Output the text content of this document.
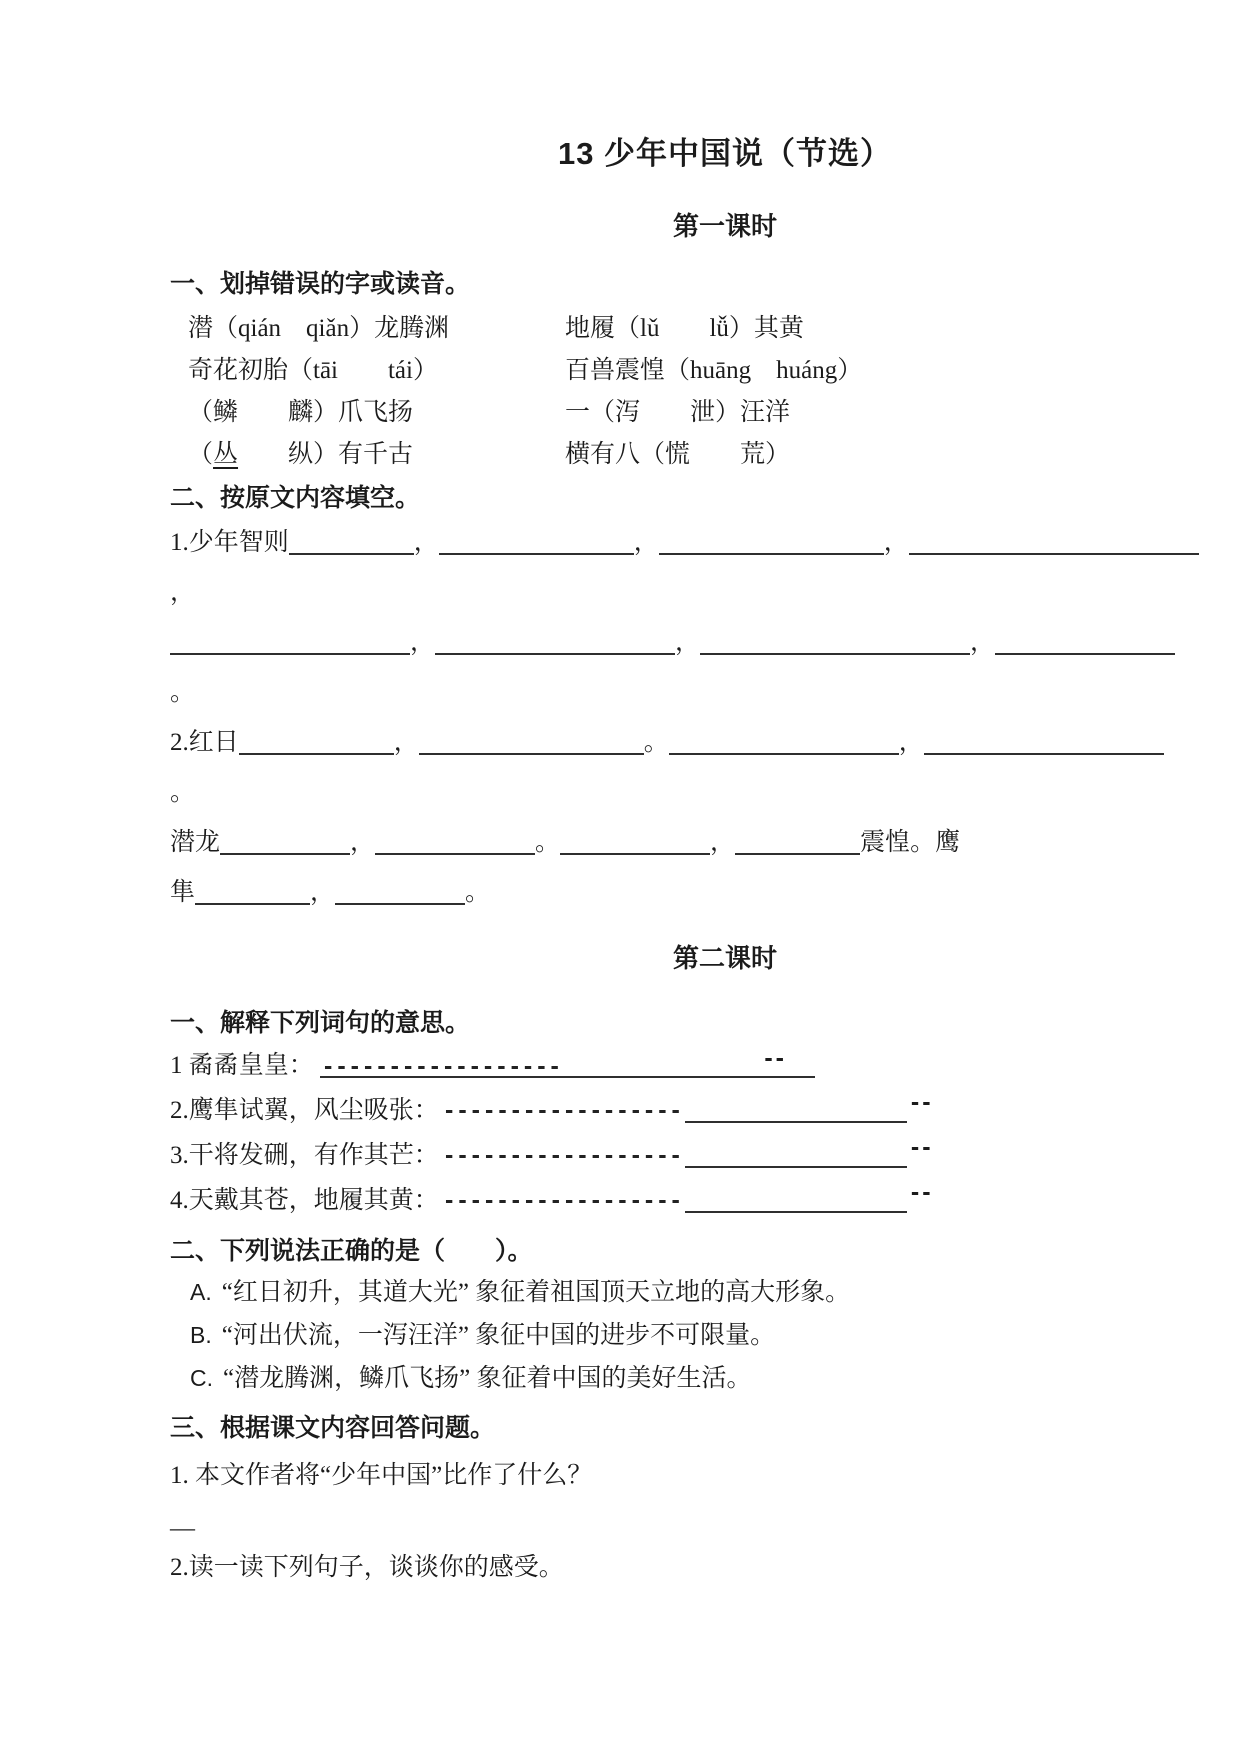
13 少年中国说（节选）
第一课时
一、划掉错误的字或读音。
潜（qián　qiǎn）龙腾渊	地履（lǔ　　lǚ）其黄
奇花初胎（tāi　　tái）	百兽震惶（huāng　huáng）
（鳞　　麟）爪飞扬	一（泻　　泄）汪洋
（丛　　纵）有千古	横有八（慌　　荒）
二、按原文内容填空。
1.少年智则	，	，	，
，
，	，	，
。
2.红日	，	。	，
。
潜龙	，	。	，	震惶。鹰
隼	，	。
第二课时
一、解释下列词句的意思。
1 矞矞皇皇： ------------------	--
2.鹰隼试翼，风尘吸张： ------------------	--
3.干将发硎，有作其芒： ------------------	--
4.天戴其苍，地履其黄： ------------------	--
二、下列说法正确的是（　　）。
A. “红日初升，其道大光” 象征着祖国顶天立地的高大形象。
B. “河出伏流，一泻汪洋” 象征中国的进步不可限量。
C. “潜龙腾渊，鳞爪飞扬” 象征着中国的美好生活。
三、根据课文内容回答问题。
1. 本文作者将“少年中国”比作了什么？
—
2.读一读下列句子，谈谈你的感受。
